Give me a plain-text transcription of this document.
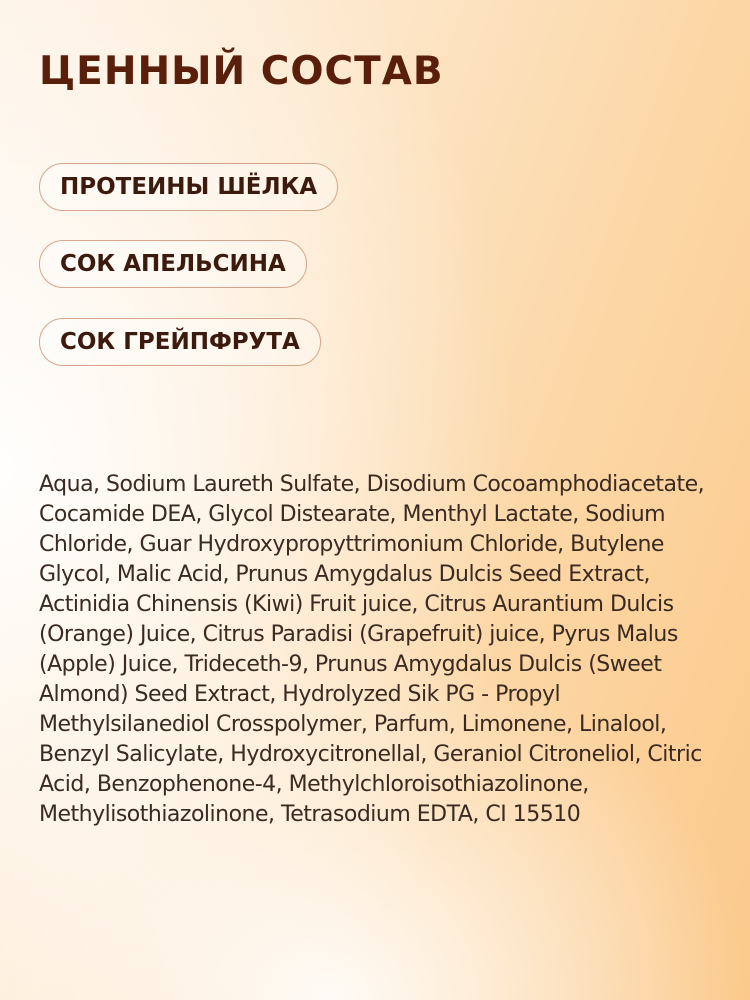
ЦЕННЫЙ СОСТАВ
ПРОТЕИНЫ ШЁЛКА
СОК АПЕЛЬСИНА
СОК ГРЕЙПФРУТА

Aqua, Sodium Laureth Sulfate, Disodium Cocoamphodiacetate, Cocamide DEA, Glycol Distearate, Menthyl Lactate, Sodium Chloride, Guar Hydroxypropyttrimonium Chloride, Butylene Glycol, Malic Acid, Prunus Amygdalus Dulcis Seed Extract, Actinidia Chinensis (Kiwi) Fruit juice, Citrus Aurantium Dulcis (Orange) Juice, Citrus Paradisi (Grapefruit) juice, Pyrus Malus (Apple) Juice, Trideceth-9, Prunus Amygdalus Dulcis (Sweet Almond) Seed Extract, Hydrolyzed Sik PG - Propyl Methylsilanediol Crosspolymer, Parfum, Limonene, Linalool, Benzyl Salicylate, Hydroxycitronellal, Geraniol Citroneliol, Citric Acid, Benzophenone-4, Methylchloroisothiazolinone, Methylisothiazolinone, Tetrasodium EDTA, CI 15510
